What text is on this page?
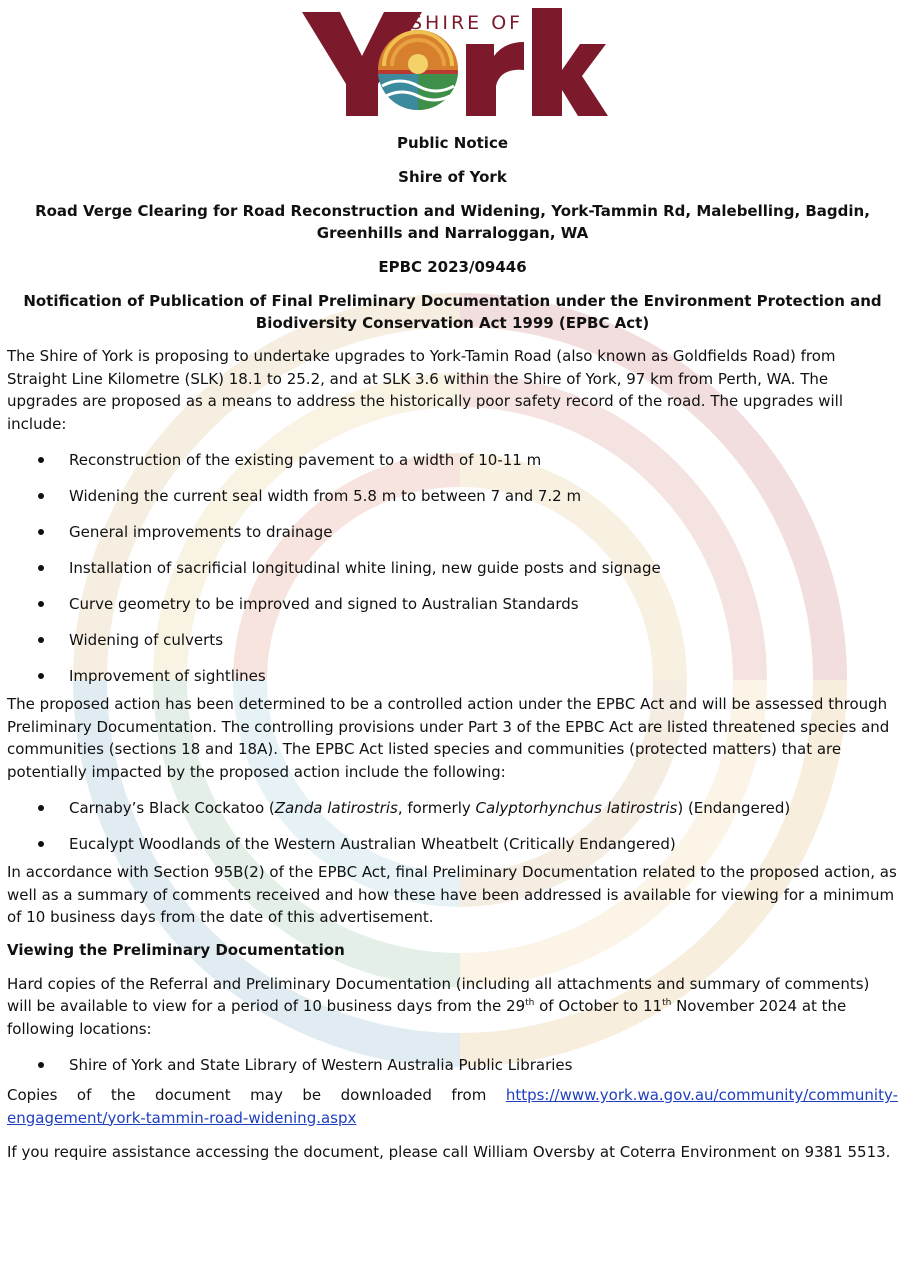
SHIRE OF

Public Notice

Shire of York

Road Verge Clearing for Road Reconstruction and Widening, York-Tammin Rd, Malebelling, Bagdin, Greenhills and Narraloggan, WA

EPBC 2023/09446

Notification of Publication of Final Preliminary Documentation under the Environment Protection and Biodiversity Conservation Act 1999 (EPBC Act)

The Shire of York is proposing to undertake upgrades to York-Tamin Road (also known as Goldfields Road) from Straight Line Kilometre (SLK) 18.1 to 25.2, and at SLK 3.6 within the Shire of York, 97 km from Perth, WA. The upgrades are proposed as a means to address the historically poor safety record of the road. The upgrades will include:

Reconstruction of the existing pavement to a width of 10-11 m
Widening the current seal width from 5.8 m to between 7 and 7.2 m
General improvements to drainage
Installation of sacrificial longitudinal white lining, new guide posts and signage
Curve geometry to be improved and signed to Australian Standards
Widening of culverts
Improvement of sightlines

The proposed action has been determined to be a controlled action under the EPBC Act and will be assessed through Preliminary Documentation. The controlling provisions under Part 3 of the EPBC Act are listed threatened species and communities (sections 18 and 18A). The EPBC Act listed species and communities (protected matters) that are potentially impacted by the proposed action include the following:

Carnaby’s Black Cockatoo (Zanda latirostris, formerly Calyptorhynchus latirostris) (Endangered)
Eucalypt Woodlands of the Western Australian Wheatbelt (Critically Endangered)

In accordance with Section 95B(2) of the EPBC Act, final Preliminary Documentation related to the proposed action, as well as a summary of comments received and how these have been addressed is available for viewing for a minimum of 10 business days from the date of this advertisement.

Viewing the Preliminary Documentation

Hard copies of the Referral and Preliminary Documentation (including all attachments and summary of comments) will be available to view for a period of 10 business days from the 29th of October to 11th November 2024 at the following locations:

Shire of York and State Library of Western Australia Public Libraries

Copies of the document may be downloaded from https://www.york.wa.gov.au/community/community-engagement/york-tammin-road-widening.aspx

If you require assistance accessing the document, please call William Oversby at Coterra Environment on 9381 5513.
